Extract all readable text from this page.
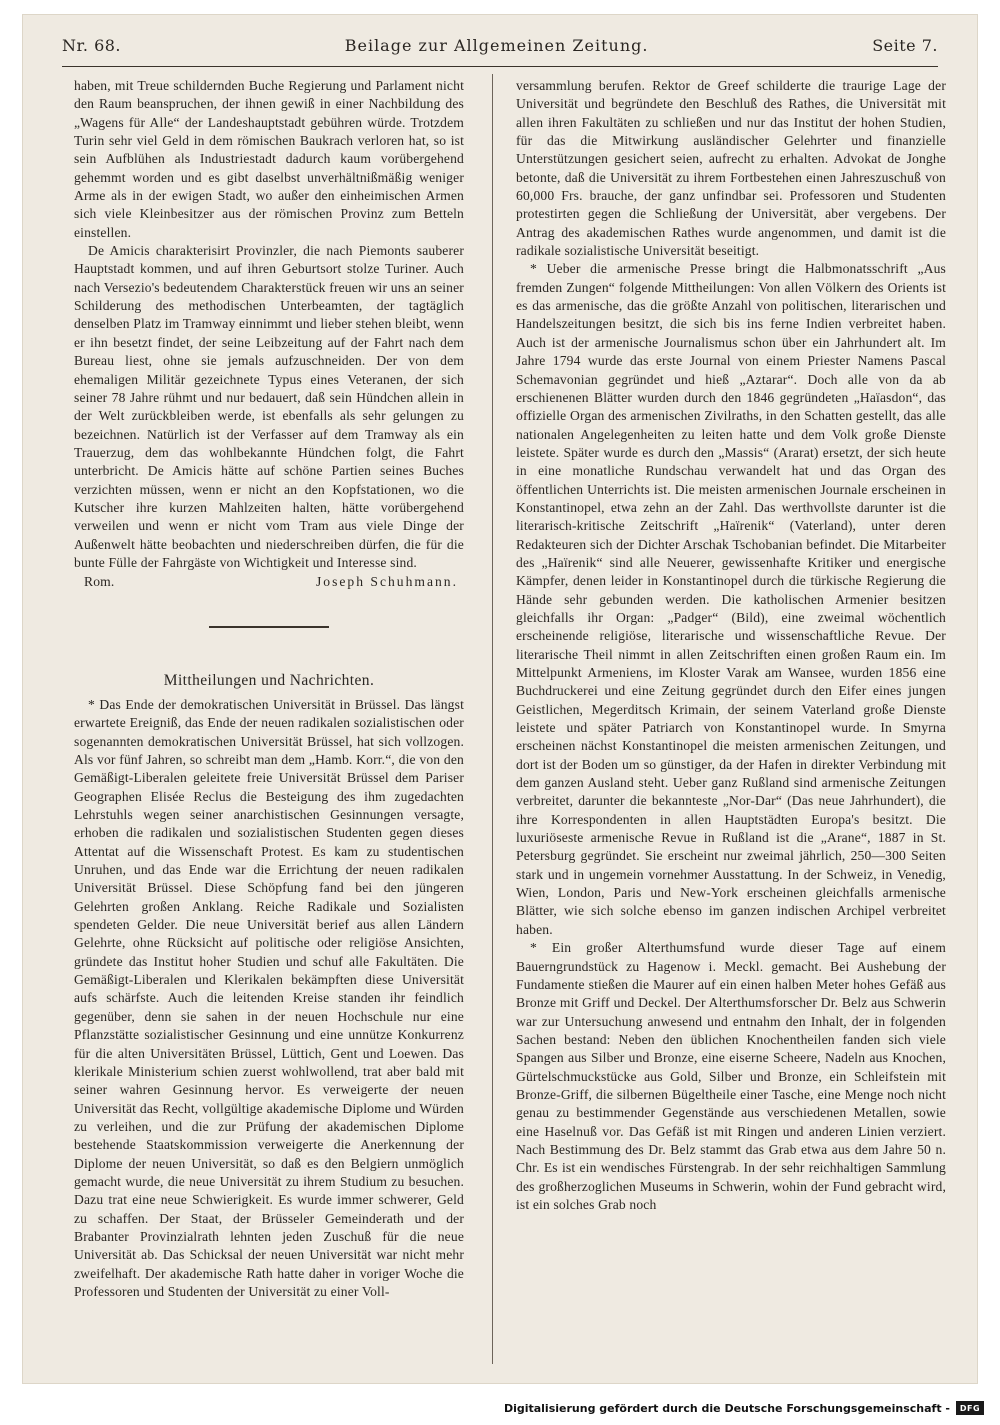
Nr. 68.	Beilage zur Allgemeinen Zeitung.	Seite 7.

haben, mit Treue schildernden Buche Regierung und Parlament nicht den Raum beanspruchen, der ihnen gewiß in einer Nachbildung des „Wagens für Alle“ der Landeshauptstadt gebühren würde. Trotzdem Turin sehr viel Geld in dem römischen Baukrach verloren hat, so ist sein Aufblühen als Industriestadt dadurch kaum vorübergehend gehemmt worden und es gibt daselbst unverhältnißmäßig weniger Arme als in der ewigen Stadt, wo außer den einheimischen Armen sich viele Kleinbesitzer aus der römischen Provinz zum Betteln einstellen.

De Amicis charakterisirt Provinzler, die nach Piemonts sauberer Hauptstadt kommen, und auf ihren Geburtsort stolze Turiner. Auch nach Versezio's bedeutendem Charakterstück freuen wir uns an seiner Schilderung des methodischen Unterbeamten, der tagtäglich denselben Platz im Tramway einnimmt und lieber stehen bleibt, wenn er ihn besetzt findet, der seine Leibzeitung auf der Fahrt nach dem Bureau liest, ohne sie jemals aufzuschneiden. Der von dem ehemaligen Militär gezeichnete Typus eines Veteranen, der sich seiner 78 Jahre rühmt und nur bedauert, daß sein Hündchen allein in der Welt zurückbleiben werde, ist ebenfalls als sehr gelungen zu bezeichnen. Natürlich ist der Verfasser auf dem Tramway als ein Trauerzug, dem das wohlbekannte Hündchen folgt, die Fahrt unterbricht. De Amicis hätte auf schöne Partien seines Buches verzichten müssen, wenn er nicht an den Kopfstationen, wo die Kutscher ihre kurzen Mahlzeiten halten, hätte vorübergehend verweilen und wenn er nicht vom Tram aus viele Dinge der Außenwelt hätte beobachten und niederschreiben dürfen, die für die bunte Fülle der Fahrgäste von Wichtigkeit und Interesse sind.

Rom.	Joseph Schuhmann.
Mittheilungen und Nachrichten.

* Das Ende der demokratischen Universität in Brüssel. Das längst erwartete Ereigniß, das Ende der neuen radikalen sozialistischen oder sogenannten demokratischen Universität Brüssel, hat sich vollzogen. Als vor fünf Jahren, so schreibt man dem „Hamb. Korr.“, die von den Gemäßigt-Liberalen geleitete freie Universität Brüssel dem Pariser Geographen Elisée Reclus die Besteigung des ihm zugedachten Lehrstuhls wegen seiner anarchistischen Gesinnungen versagte, erhoben die radikalen und sozialistischen Studenten gegen dieses Attentat auf die Wissenschaft Protest. Es kam zu studentischen Unruhen, und das Ende war die Errichtung der neuen radikalen Universität Brüssel. Diese Schöpfung fand bei den jüngeren Gelehrten großen Anklang. Reiche Radikale und Sozialisten spendeten Gelder. Die neue Universität berief aus allen Ländern Gelehrte, ohne Rücksicht auf politische oder religiöse Ansichten, gründete das Institut hoher Studien und schuf alle Fakultäten. Die Gemäßigt-Liberalen und Klerikalen bekämpften diese Universität aufs schärfste. Auch die leitenden Kreise standen ihr feindlich gegenüber, denn sie sahen in der neuen Hochschule nur eine Pflanzstätte sozialistischer Gesinnung und eine unnütze Konkurrenz für die alten Universitäten Brüssel, Lüttich, Gent und Loewen. Das klerikale Ministerium schien zuerst wohlwollend, trat aber bald mit seiner wahren Gesinnung hervor. Es verweigerte der neuen Universität das Recht, vollgültige akademische Diplome und Würden zu verleihen, und die zur Prüfung der akademischen Diplome bestehende Staatskommission verweigerte die Anerkennung der Diplome der neuen Universität, so daß es den Belgiern unmöglich gemacht wurde, die neue Universität zu ihrem Studium zu besuchen. Dazu trat eine neue Schwierigkeit. Es wurde immer schwerer, Geld zu schaffen. Der Staat, der Brüsseler Gemeinderath und der Brabanter Provinzialrath lehnten jeden Zuschuß für die neue Universität ab. Das Schicksal der neuen Universität war nicht mehr zweifelhaft. Der akademische Rath hatte daher in voriger Woche die Professoren und Studenten der Universität zu einer Voll-

versammlung berufen. Rektor de Greef schilderte die traurige Lage der Universität und begründete den Beschluß des Rathes, die Universität mit allen ihren Fakultäten zu schließen und nur das Institut der hohen Studien, für das die Mitwirkung ausländischer Gelehrter und finanzielle Unterstützungen gesichert seien, aufrecht zu erhalten. Advokat de Jonghe betonte, daß die Universität zu ihrem Fortbestehen einen Jahreszuschuß von 60,000 Frs. brauche, der ganz unfindbar sei. Professoren und Studenten protestirten gegen die Schließung der Universität, aber vergebens. Der Antrag des akademischen Rathes wurde angenommen, und damit ist die radikale sozialistische Universität beseitigt.

* Ueber die armenische Presse bringt die Halbmonatsschrift „Aus fremden Zungen“ folgende Mittheilungen: Von allen Völkern des Orients ist es das armenische, das die größte Anzahl von politischen, literarischen und Handelszeitungen besitzt, die sich bis ins ferne Indien verbreitet haben. Auch ist der armenische Journalismus schon über ein Jahrhundert alt. Im Jahre 1794 wurde das erste Journal von einem Priester Namens Pascal Schemavonian gegründet und hieß „Aztarar“. Doch alle von da ab erschienenen Blätter wurden durch den 1846 gegründeten „Haïasdon“, das offizielle Organ des armenischen Zivilraths, in den Schatten gestellt, das alle nationalen Angelegenheiten zu leiten hatte und dem Volk große Dienste leistete. Später wurde es durch den „Massis“ (Ararat) ersetzt, der sich heute in eine monatliche Rundschau verwandelt hat und das Organ des öffentlichen Unterrichts ist. Die meisten armenischen Journale erscheinen in Konstantinopel, etwa zehn an der Zahl. Das werthvollste darunter ist die literarisch-kritische Zeitschrift „Haïrenik“ (Vaterland), unter deren Redakteuren sich der Dichter Arschak Tschobanian befindet. Die Mitarbeiter des „Haïrenik“ sind alle Neuerer, gewissenhafte Kritiker und energische Kämpfer, denen leider in Konstantinopel durch die türkische Regierung die Hände sehr gebunden werden. Die katholischen Armenier besitzen gleichfalls ihr Organ: „Padger“ (Bild), eine zweimal wöchentlich erscheinende religiöse, literarische und wissenschaftliche Revue. Der literarische Theil nimmt in allen Zeitschriften einen großen Raum ein. Im Mittelpunkt Armeniens, im Kloster Varak am Wansee, wurden 1856 eine Buchdruckerei und eine Zeitung gegründet durch den Eifer eines jungen Geistlichen, Megerditsch Krimain, der seinem Vaterland große Dienste leistete und später Patriarch von Konstantinopel wurde. In Smyrna erscheinen nächst Konstantinopel die meisten armenischen Zeitungen, und dort ist der Boden um so günstiger, da der Hafen in direkter Verbindung mit dem ganzen Ausland steht. Ueber ganz Rußland sind armenische Zeitungen verbreitet, darunter die bekannteste „Nor-Dar“ (Das neue Jahrhundert), die ihre Korrespondenten in allen Hauptstädten Europa's besitzt. Die luxuriöseste armenische Revue in Rußland ist die „Arane“, 1887 in St. Petersburg gegründet. Sie erscheint nur zweimal jährlich, 250—300 Seiten stark und in ungemein vornehmer Ausstattung. In der Schweiz, in Venedig, Wien, London, Paris und New-York erscheinen gleichfalls armenische Blätter, wie sich solche ebenso im ganzen indischen Archipel verbreitet haben.

* Ein großer Alterthumsfund wurde dieser Tage auf einem Bauerngrundstück zu Hagenow i. Meckl. gemacht. Bei Aushebung der Fundamente stießen die Maurer auf ein einen halben Meter hohes Gefäß aus Bronze mit Griff und Deckel. Der Alterthumsforscher Dr. Belz aus Schwerin war zur Untersuchung anwesend und entnahm den Inhalt, der in folgenden Sachen bestand: Neben den üblichen Knochentheilen fanden sich viele Spangen aus Silber und Bronze, eine eiserne Scheere, Nadeln aus Knochen, Gürtelschmuckstücke aus Gold, Silber und Bronze, ein Schleifstein mit Bronze-Griff, die silbernen Bügeltheile einer Tasche, eine Menge noch nicht genau zu bestimmender Gegenstände aus verschiedenen Metallen, sowie eine Haselnuß vor. Das Gefäß ist mit Ringen und anderen Linien verziert. Nach Bestimmung des Dr. Belz stammt das Grab etwa aus dem Jahre 50 n. Chr. Es ist ein wendisches Fürstengrab. In der sehr reichhaltigen Sammlung des großherzoglichen Museums in Schwerin, wohin der Fund gebracht wird, ist ein solches Grab noch

Digitalisierung gefördert durch die Deutsche Forschungsgemeinschaft -	DFG
